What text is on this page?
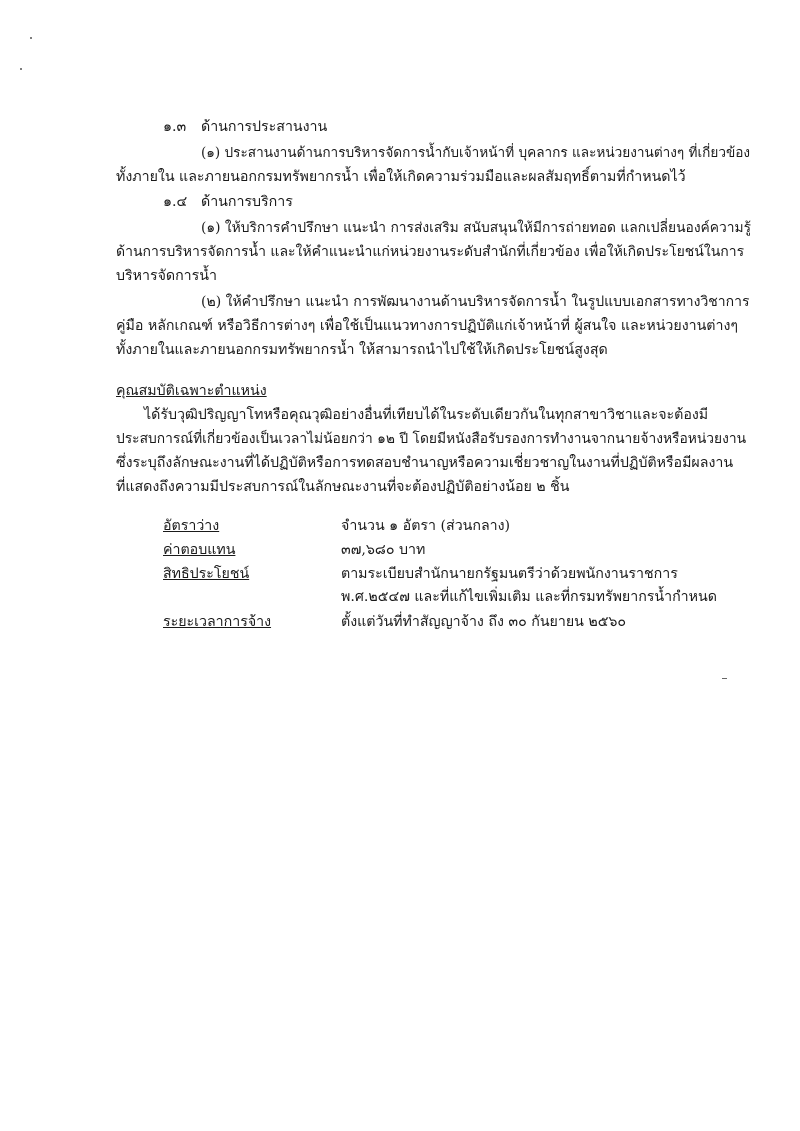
๑.๓ ด้านการประสานงาน
(๑) ประสานงานด้านการบริหารจัดการน้ำกับเจ้าหน้าที่ บุคลากร และหน่วยงานต่างๆ ที่เกี่ยวข้อง
ทั้งภายใน และภายนอกกรมทรัพยากรน้ำ เพื่อให้เกิดความร่วมมือและผลสัมฤทธิ์ตามที่กำหนดไว้
๑.๔ ด้านการบริการ
(๑) ให้บริการคำปรึกษา แนะนำ การส่งเสริม สนับสนุนให้มีการถ่ายทอด แลกเปลี่ยนองค์ความรู้
ด้านการบริหารจัดการน้ำ และให้คำแนะนำแก่หน่วยงานระดับสำนักที่เกี่ยวข้อง เพื่อให้เกิดประโยชน์ในการ
บริหารจัดการน้ำ
(๒) ให้คำปรึกษา แนะนำ การพัฒนางานด้านบริหารจัดการน้ำ ในรูปแบบเอกสารทางวิชาการ
คู่มือ หลักเกณฑ์ หรือวิธีการต่างๆ เพื่อใช้เป็นแนวทางการปฏิบัติแก่เจ้าหน้าที่ ผู้สนใจ และหน่วยงานต่างๆ
ทั้งภายในและภายนอกกรมทรัพยากรน้ำ ให้สามารถนำไปใช้ให้เกิดประโยชน์สูงสุด
คุณสมบัติเฉพาะตำแหน่ง
ได้รับวุฒิปริญญาโทหรือคุณวุฒิอย่างอื่นที่เทียบได้ในระดับเดียวกันในทุกสาขาวิชาและจะต้องมี
ประสบการณ์ที่เกี่ยวข้องเป็นเวลาไม่น้อยกว่า ๑๒ ปี โดยมีหนังสือรับรองการทำงานจากนายจ้างหรือหน่วยงาน
ซึ่งระบุถึงลักษณะงานที่ได้ปฏิบัติหรือการทดสอบชำนาญหรือความเชี่ยวชาญในงานที่ปฏิบัติหรือมีผลงาน
ที่แสดงถึงความมีประสบการณ์ในลักษณะงานที่จะต้องปฏิบัติอย่างน้อย ๒ ชิ้น
อัตราว่าง	จำนวน ๑ อัตรา (ส่วนกลาง)
ค่าตอบแทน	๓๗,๖๘๐ บาท
สิทธิประโยชน์	ตามระเบียบสำนักนายกรัฐมนตรีว่าด้วยพนักงานราชการ
พ.ศ.๒๕๔๗ และที่แก้ไขเพิ่มเติม และที่กรมทรัพยากรน้ำกำหนด
ระยะเวลาการจ้าง	ตั้งแต่วันที่ทำสัญญาจ้าง ถึง ๓๐ กันยายน ๒๕๖๐
